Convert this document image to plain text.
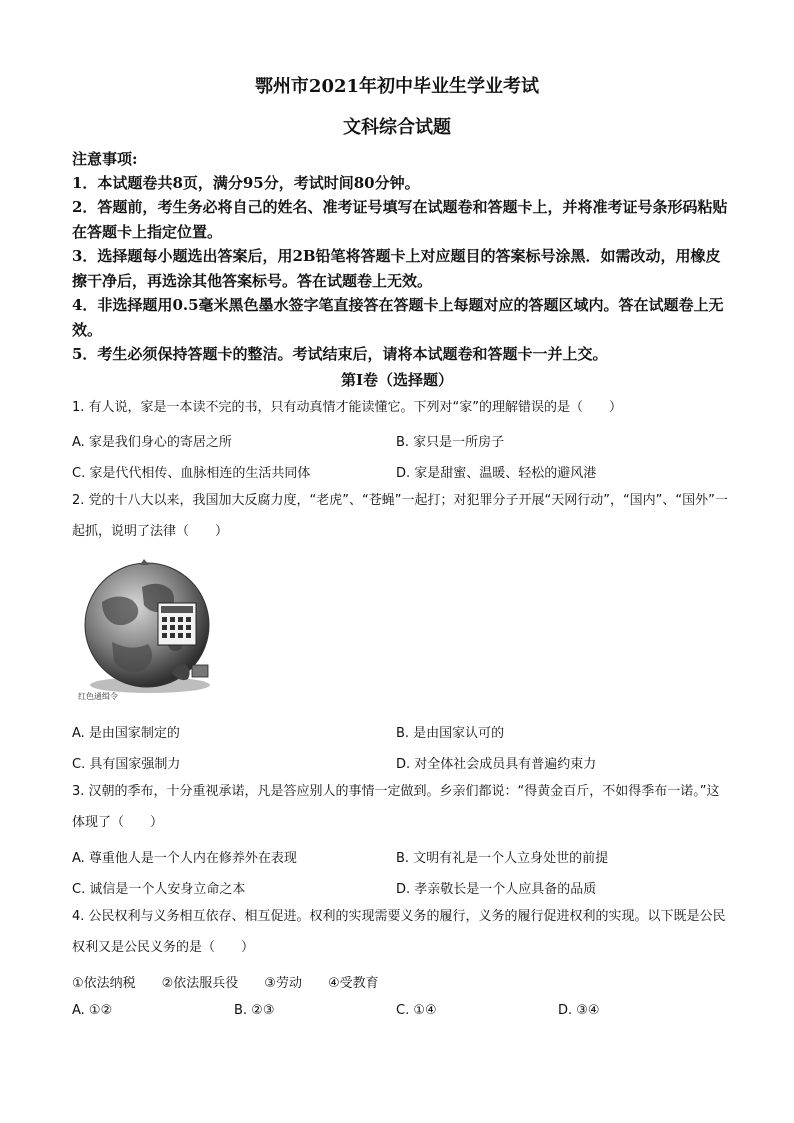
鄂州市2021年初中毕业生学业考试
文科综合试题
注意事项:
1．本试题卷共8页，满分95分，考试时间80分钟。
2．答题前，考生务必将自己的姓名、准考证号填写在试题卷和答题卡上，并将准考证号条形码粘贴在答题卡上指定位置。
3．选择题每小题选出答案后，用2B铅笔将答题卡上对应题目的答案标号涂黑．如需改动，用橡皮擦干净后，再选涂其他答案标号。答在试题卷上无效。
4．非选择题用0.5毫米黑色墨水签字笔直接答在答题卡上每题对应的答题区域内。答在试题卷上无效。
5．考生必须保持答题卡的整洁。考试结束后，请将本试题卷和答题卡一并上交。
第I卷（选择题）
1. 有人说，家是一本读不完的书，只有动真情才能读懂它。下列对“家”的理解错误的是（　　）
A. 家是我们身心的寄居之所	B. 家只是一所房子
C. 家是代代相传、血脉相连的生活共同体	D. 家是甜蜜、温暖、轻松的避风港
2. 党的十八大以来，我国加大反腐力度，“老虎”、“苍蝇”一起打；对犯罪分子开展“天网行动”，“国内”、“国外”一起抓，说明了法律（　　）
红色通缉令
A. 是由国家制定的	B. 是由国家认可的
C. 具有国家强制力	D. 对全体社会成员具有普遍约束力
3. 汉朝的季布，十分重视承诺，凡是答应别人的事情一定做到。乡亲们都说：“得黄金百斤，不如得季布一诺。”这体现了（　　）
A. 尊重他人是一个人内在修养外在表现	B. 文明有礼是一个人立身处世的前提
C. 诚信是一个人安身立命之本	D. 孝亲敬长是一个人应具备的品质
4. 公民权利与义务相互依存、相互促进。权利的实现需要义务的履行，义务的履行促进权利的实现。以下既是公民权利又是公民义务的是（　　）
①依法纳税　　②依法服兵役　　③劳动　　④受教育
A. ①②	B. ②③	C. ①④	D. ③④
